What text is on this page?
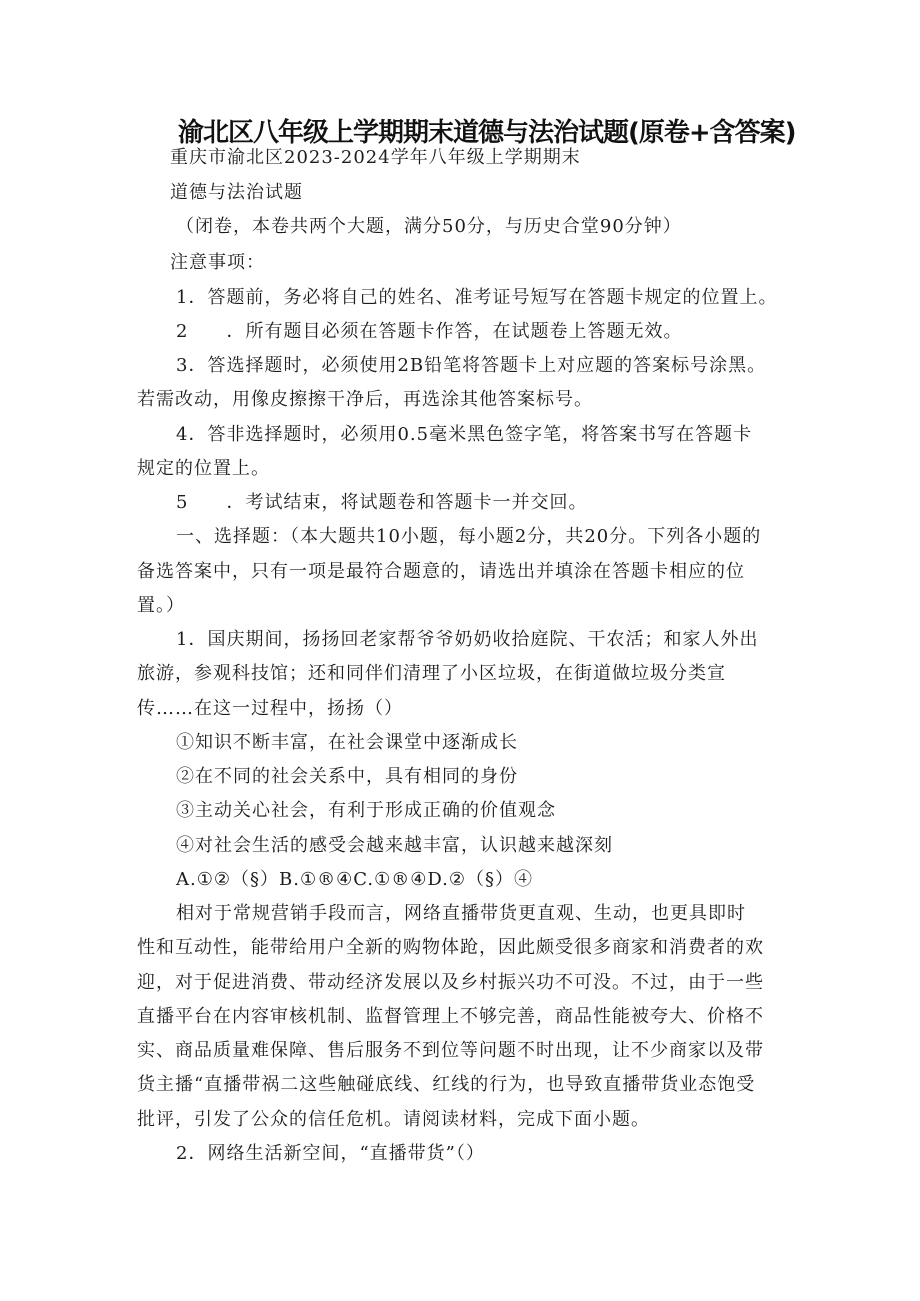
渝北区八年级上学期期末道德与法治试题(原卷+含答案)
重庆市渝北区2023-2024学年八年级上学期期末
道德与法治试题
（闭卷，本卷共两个大题，满分50分，与历史合堂90分钟）
注意事项：
1．答题前，务必将自己的姓名、准考证号短写在答题卡规定的位置上。
2　　．所有题目必须在答题卡作答，在试题卷上答题无效。
3．答选择题时，必须使用2B铅笔将答题卡上对应题的答案标号涂黑。
若需改动，用像皮擦擦干净后，再选涂其他答案标号。
4．答非选择题时，必须用0.5毫米黑色签字笔，将答案书写在答题卡
规定的位置上。
5　　．考试结束，将试题卷和答题卡一并交回。
一、选择题：（本大题共10小题，每小题2分，共20分。下列各小题的
备选答案中，只有一项是最符合题意的，请选出并填涂在答题卡相应的位
置。）
1．国庆期间，扬扬回老家帮爷爷奶奶收拾庭院、干农活；和家人外出
旅游，参观科技馆；还和同伴们清理了小区垃圾，在街道做垃圾分类宣
传……在这一过程中，扬扬（）
①知识不断丰富，在社会课堂中逐渐成长
②在不同的社会关系中，具有相同的身份
③主动关心社会，有利于形成正确的价值观念
④对社会生活的感受会越来越丰富，认识越来越深刻
A.①②（§）B.①®④C.①®④D.②（§）④
相对于常规营销手段而言，网络直播带货更直观、生动，也更具即时
性和互动性，能带给用户全新的购物体跄，因此颇受很多商家和消费者的欢
迎，对于促进消费、带动经济发展以及乡村振兴功不可没。不过，由于一些
直播平台在内容审核机制、监督管理上不够完善，商品性能被夸大、价格不
实、商品质量难保障、售后服务不到位等问题不时出现，让不少商家以及带
货主播“直播带祸二这些触碰底线、红线的行为，也导致直播带货业态饱受
批评，引发了公众的信任危机。请阅读材料，完成下面小题。
2．网络生活新空间，“直播带货”（）
